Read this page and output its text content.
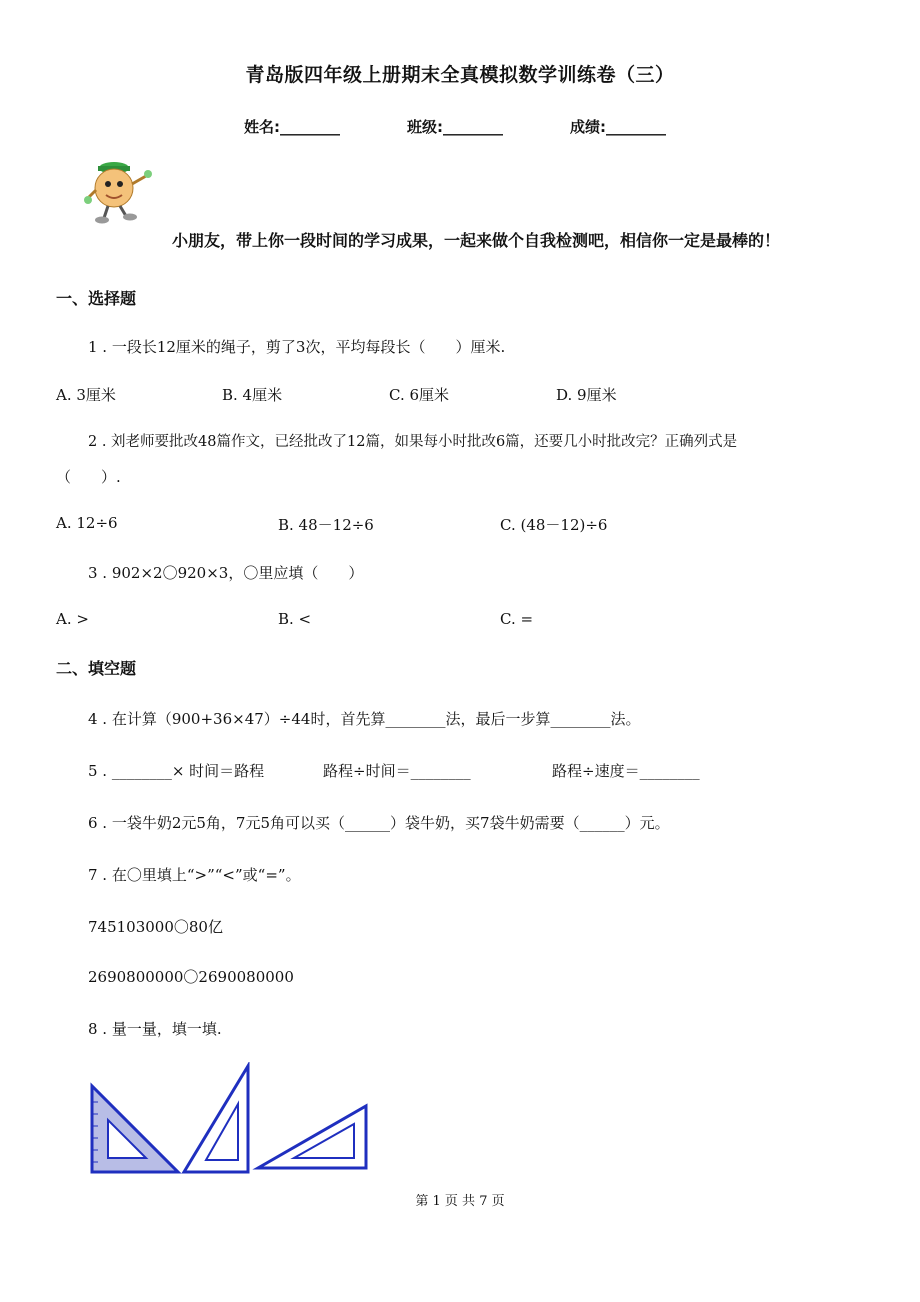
青岛版四年级上册期末全真模拟数学训练卷（三）
姓名:________	班级:________	成绩:________
小朋友，带上你一段时间的学习成果，一起来做个自我检测吧，相信你一定是最棒的！
一、选择题
1 . 一段长12厘米的绳子，剪了3次，平均每段长（　　）厘米.
A. 3厘米	B. 4厘米	C. 6厘米	D. 9厘米
2 . 刘老师要批改48篇作文，已经批改了12篇，如果每小时批改6篇，还要几小时批改完？正确列式是
（　　）.
A. 12÷6	B. 48－12÷6	C. (48－12)÷6
3 . 902×2〇920×3，〇里应填（　　）
A. >	B. <	C. =
二、填空题
4 . 在计算（900+36×47）÷44时，首先算________法，最后一步算________法。
5 . ________× 时间＝路程	路程÷时间＝________	路程÷速度＝________
6 . 一袋牛奶2元5角，7元5角可以买（______）袋牛奶，买7袋牛奶需要（______）元。
7 . 在〇里填上“>”“<”或“=”。
745103000〇80亿
2690800000〇2690080000
8 . 量一量，填一填.
第 1 页 共 7 页
